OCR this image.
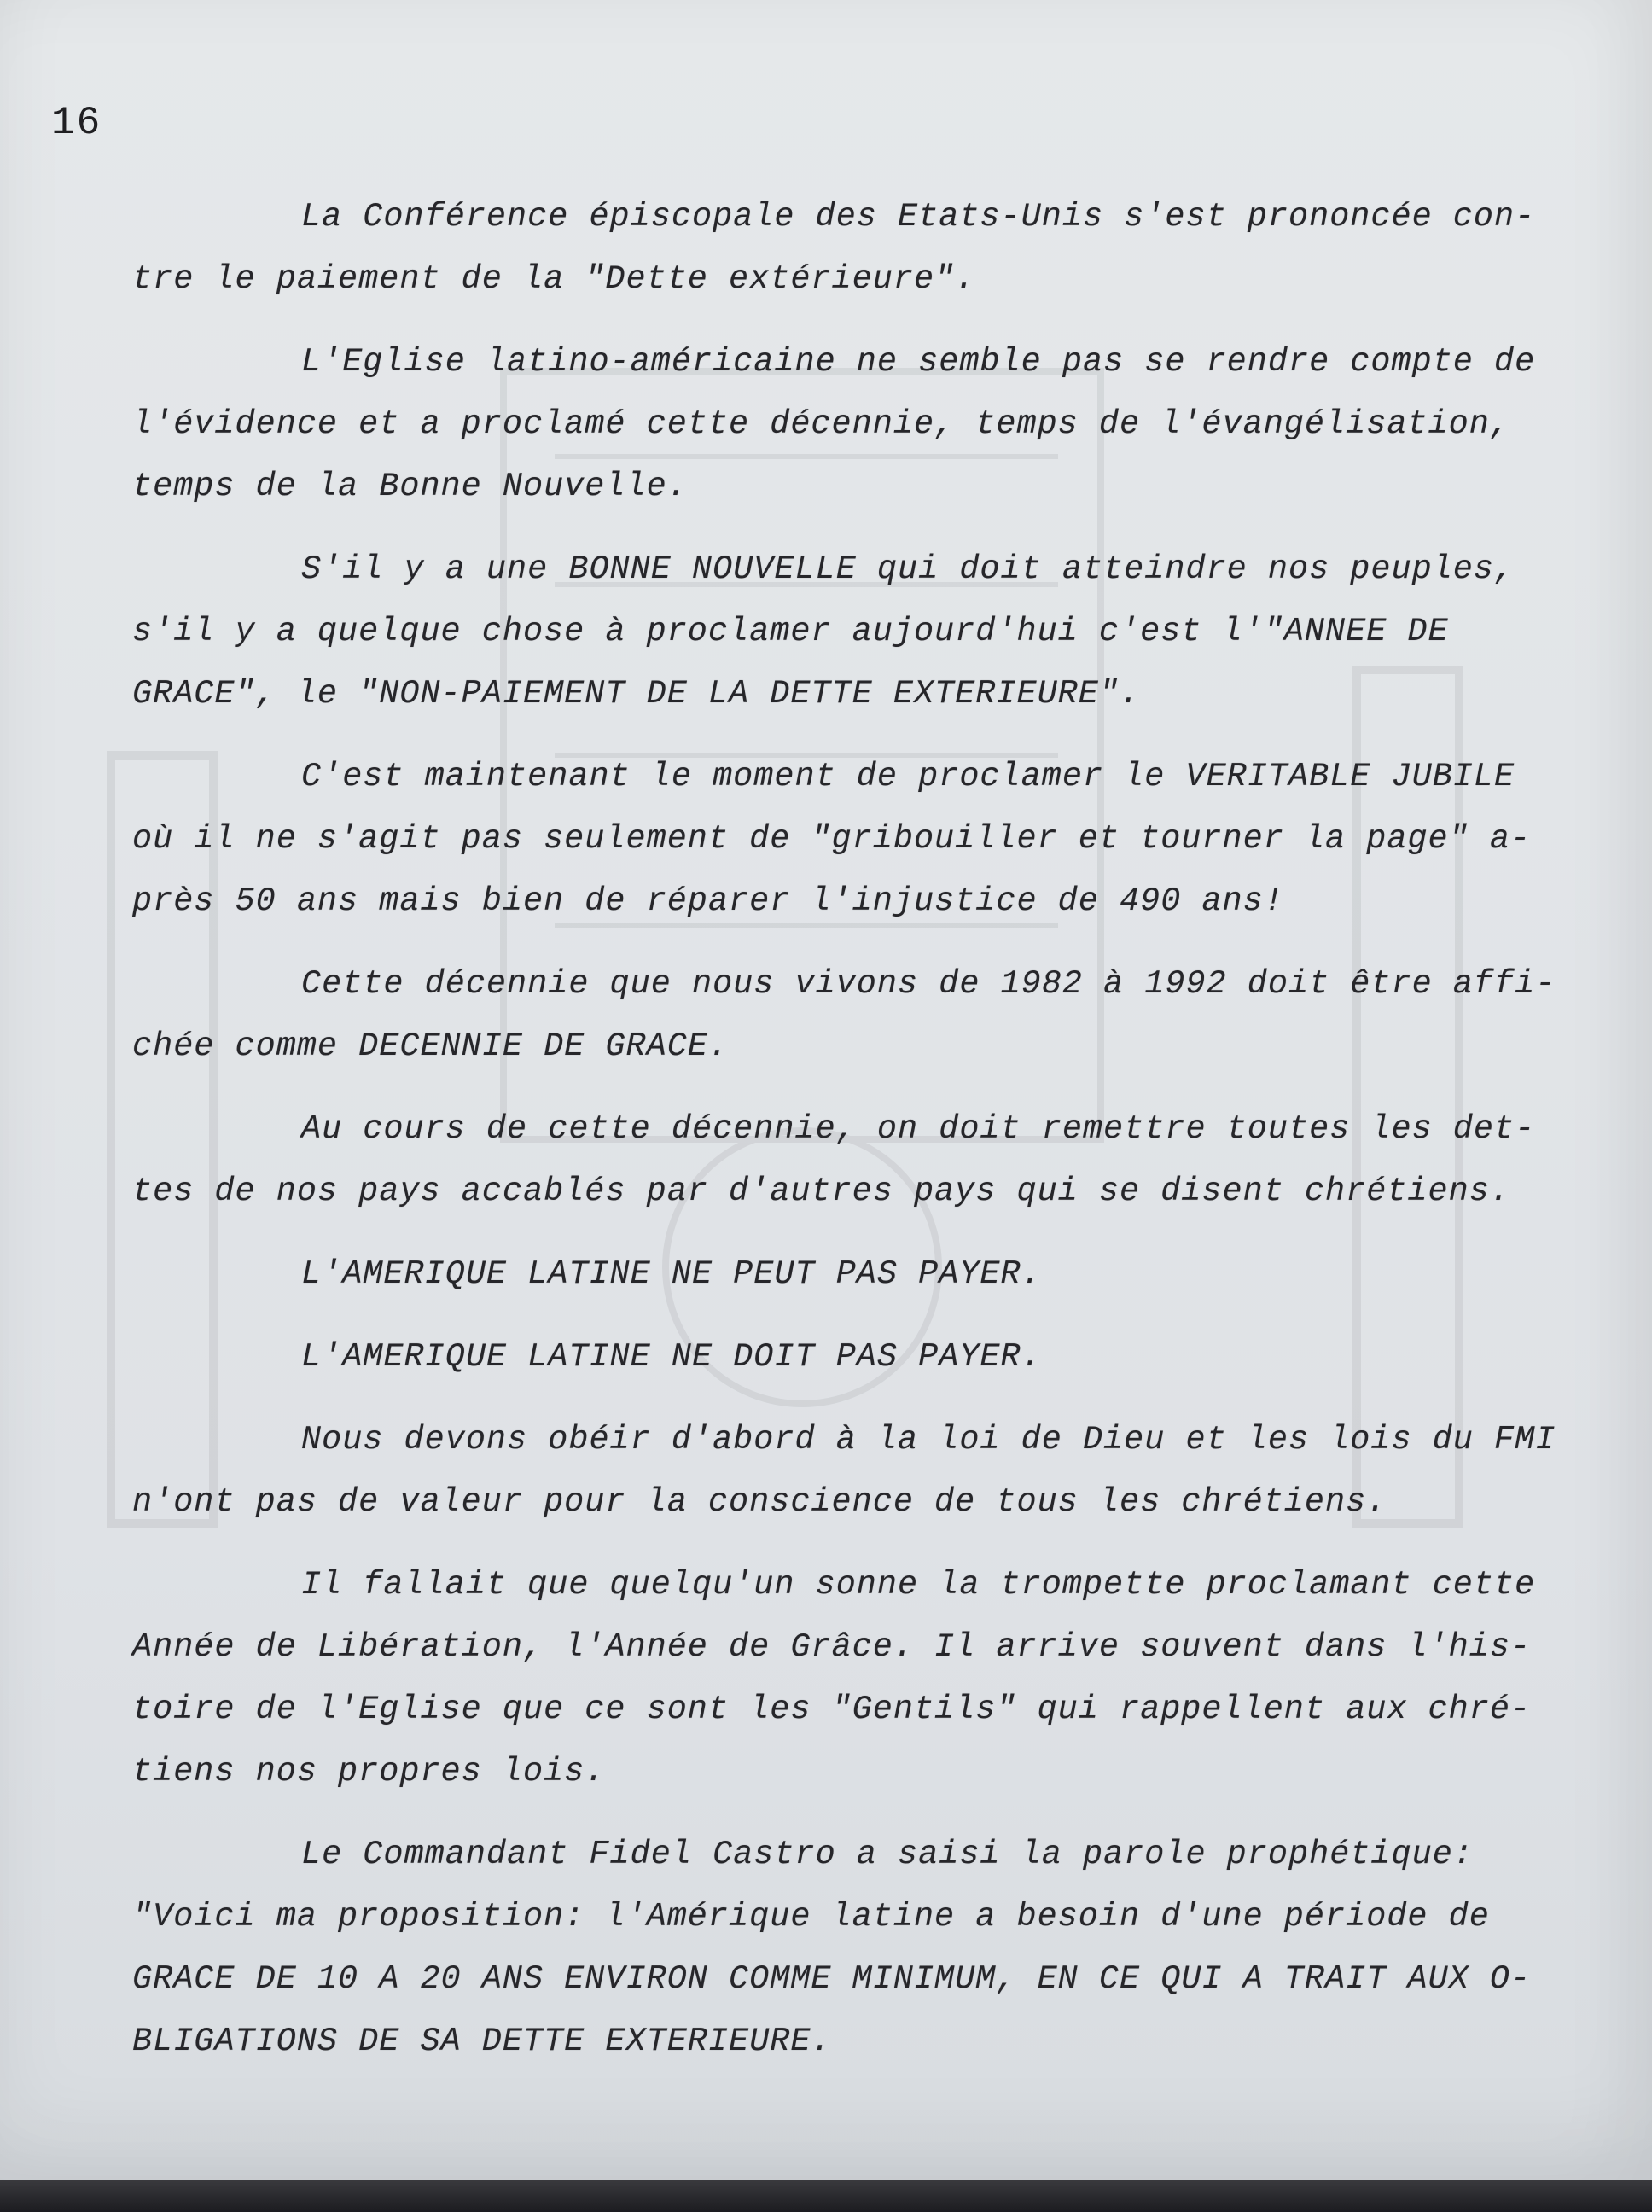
16
La Conférence épiscopale des Etats-Unis s'est prononcée con-
tre le paiement de la "Dette extérieure".
L'Eglise latino-américaine ne semble pas se rendre compte de
l'évidence et a proclamé cette décennie, temps de l'évangélisation,
temps de la Bonne Nouvelle.
S'il y a une BONNE NOUVELLE qui doit atteindre nos peuples,
s'il y a quelque chose à proclamer aujourd'hui c'est l'"ANNEE DE
GRACE", le "NON-PAIEMENT DE LA DETTE EXTERIEURE".
C'est maintenant le moment de proclamer le VERITABLE JUBILE
où il ne s'agit pas seulement de "gribouiller et tourner la page" a-
près 50 ans mais bien de réparer l'injustice de 490 ans!
Cette décennie que nous vivons de 1982 à 1992 doit être affi-
chée comme DECENNIE DE GRACE.
Au cours de cette décennie, on doit remettre toutes les det-
tes de nos pays accablés par d'autres pays qui se disent chrétiens.
L'AMERIQUE LATINE NE PEUT PAS PAYER.
L'AMERIQUE LATINE NE DOIT PAS PAYER.
Nous devons obéir d'abord à la loi de Dieu et les lois du FMI
n'ont pas de valeur pour la conscience de tous les chrétiens.
Il fallait que quelqu'un sonne la trompette proclamant cette
Année de Libération, l'Année de Grâce. Il arrive souvent dans l'his-
toire de l'Eglise que ce sont les "Gentils" qui rappellent aux chré-
tiens nos propres lois.
Le Commandant Fidel Castro a saisi la parole prophétique:
"Voici ma proposition: l'Amérique latine a besoin d'une période de
GRACE DE 10 A 20 ANS ENVIRON COMME MINIMUM, EN CE QUI A TRAIT AUX O-
BLIGATIONS DE SA DETTE EXTERIEURE.
